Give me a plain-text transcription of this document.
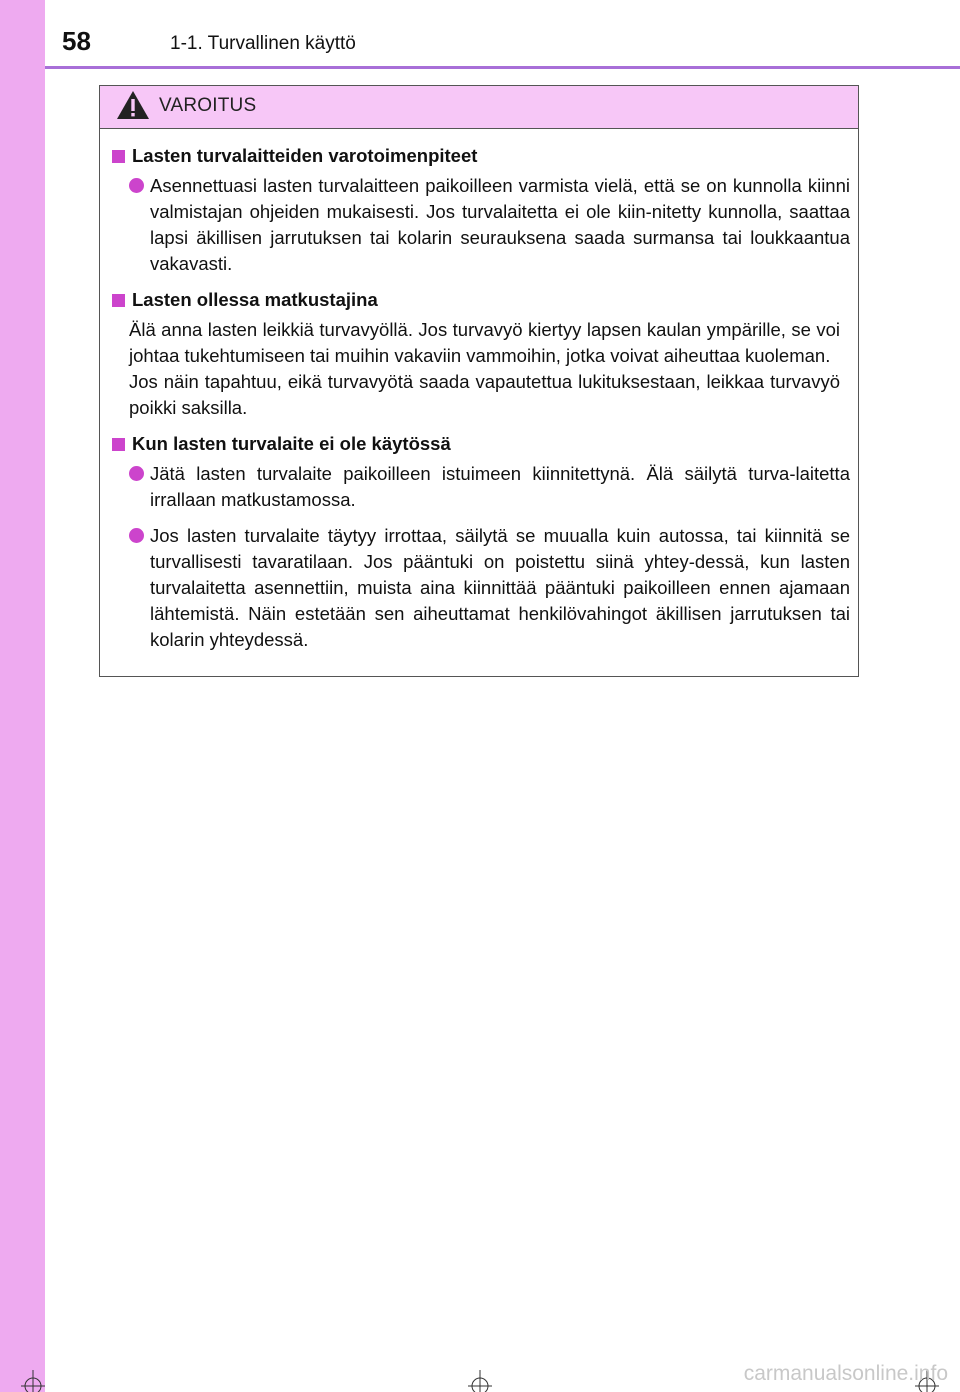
58	1-1. Turvallinen käyttö
VAROITUS
Lasten turvalaitteiden varotoimenpiteet
Asennettuasi lasten turvalaitteen paikoilleen varmista vielä, että se on kunnolla kiinni valmistajan ohjeiden mukaisesti. Jos turvalaitetta ei ole kiin-nitetty kunnolla, saattaa lapsi äkillisen jarrutuksen tai kolarin seurauksena saada surmansa tai loukkaantua vakavasti.
Lasten ollessa matkustajina
Älä anna lasten leikkiä turvavyöllä. Jos turvavyö kiertyy lapsen kaulan ympärille, se voi johtaa tukehtumiseen tai muihin vakaviin vammoihin, jotka voivat aiheuttaa kuoleman.
Jos näin tapahtuu, eikä turvavyötä saada vapautettua lukituksestaan, leikkaa turvavyö poikki saksilla.
Kun lasten turvalaite ei ole käytössä
Jätä lasten turvalaite paikoilleen istuimeen kiinnitettynä. Älä säilytä turva-laitetta irrallaan matkustamossa.
Jos lasten turvalaite täytyy irrottaa, säilytä se muualla kuin autossa, tai kiinnitä se turvallisesti tavaratilaan. Jos pääntuki on poistettu siinä yhtey-dessä, kun lasten turvalaitetta asennettiin, muista aina kiinnittää pääntuki paikoilleen ennen ajamaan lähtemistä. Näin estetään sen aiheuttamat henkilövahingot äkillisen jarrutuksen tai kolarin yhteydessä.
carmanualsonline.info
